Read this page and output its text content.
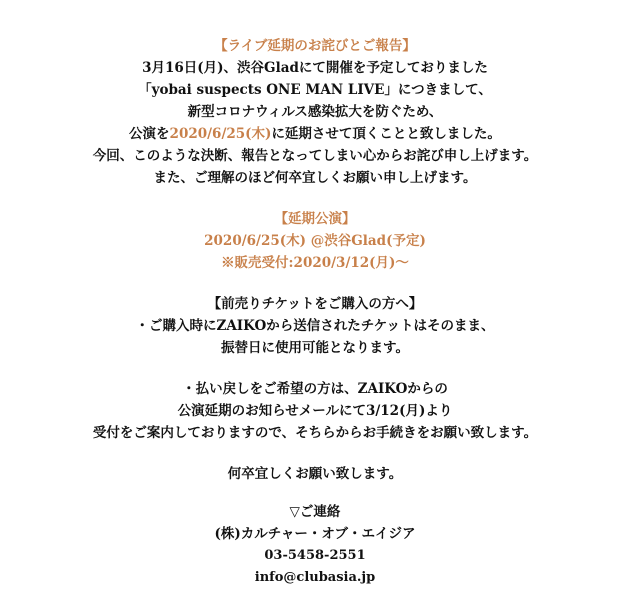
【ライブ延期のお詫びとご報告】
3月16日(月)、渋谷Gladにて開催を予定しておりました
「yobai suspects ONE MAN LIVE」につきまして、
新型コロナウィルス感染拡大を防ぐため、
公演を2020/6/25(木)に延期させて頂くことと致しました。
今回、このような決断、報告となってしまい心からお詫び申し上げます。
また、ご理解のほど何卒宜しくお願い申し上げます。
【延期公演】
2020/6/25(木) @渋谷Glad(予定)
※販売受付:2020/3/12(月)〜
【前売りチケットをご購入の方へ】
・ご購入時にZAIKOから送信されたチケットはそのまま、
振替日に使用可能となります。
・払い戻しをご希望の方は、ZAIKOからの
公演延期のお知らせメールにて3/12(月)より
受付をご案内しておりますので、そちらからお手続きをお願い致します。
何卒宜しくお願い致します。
▽ご連絡
(株)カルチャー・オブ・エイジア
03-5458-2551
info@clubasia.jp
